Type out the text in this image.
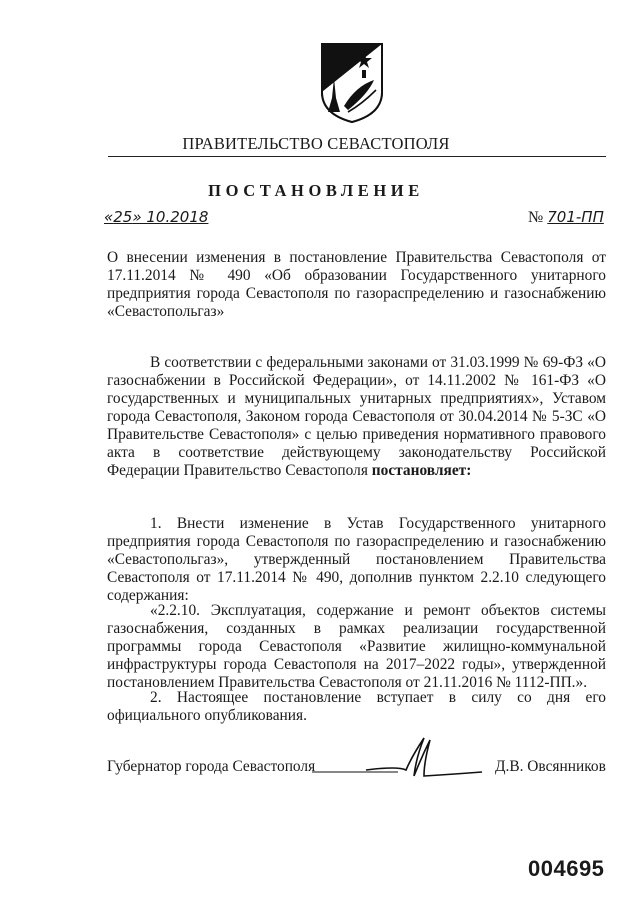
ПРАВИТЕЛЬСТВО СЕВАСТОПОЛЯ
ПОСТАНОВЛЕНИЕ
«25» 10.2018	№ 701-ПП
О внесении изменения в постановление Правительства Севастополя от 17.11.2014 № 490 «Об образовании Государственного унитарного предприятия города Севастополя по газораспределению и газоснабжению «Севастопольгаз»
В соответствии с федеральными законами от 31.03.1999 № 69-ФЗ «О газоснабжении в Российской Федерации», от 14.11.2002 № 161-ФЗ «О государственных и муниципальных унитарных предприятиях», Уставом города Севастополя, Законом города Севастополя от 30.04.2014 № 5-ЗС «О Правительстве Севастополя» с целью приведения нормативного правового акта в соответствие действующему законодательству Российской Федерации Правительство Севастополя постановляет:
1. Внести изменение в Устав Государственного унитарного предприятия города Севастополя по газораспределению и газоснабжению «Севастопольгаз», утвержденный постановлением Правительства Севастополя от 17.11.2014 № 490, дополнив пунктом 2.2.10 следующего содержания:
«2.2.10. Эксплуатация, содержание и ремонт объектов системы газоснабжения, созданных в рамках реализации государственной программы города Севастополя «Развитие жилищно-коммунальной инфраструктуры города Севастополя на 2017–2022 годы», утвержденной постановлением Правительства Севастополя от 21.11.2016 № 1112-ПП.».
2. Настоящее постановление вступает в силу со дня его официального опубликования.
Губернатор города Севастополя	Д.В. Овсянников
004695
